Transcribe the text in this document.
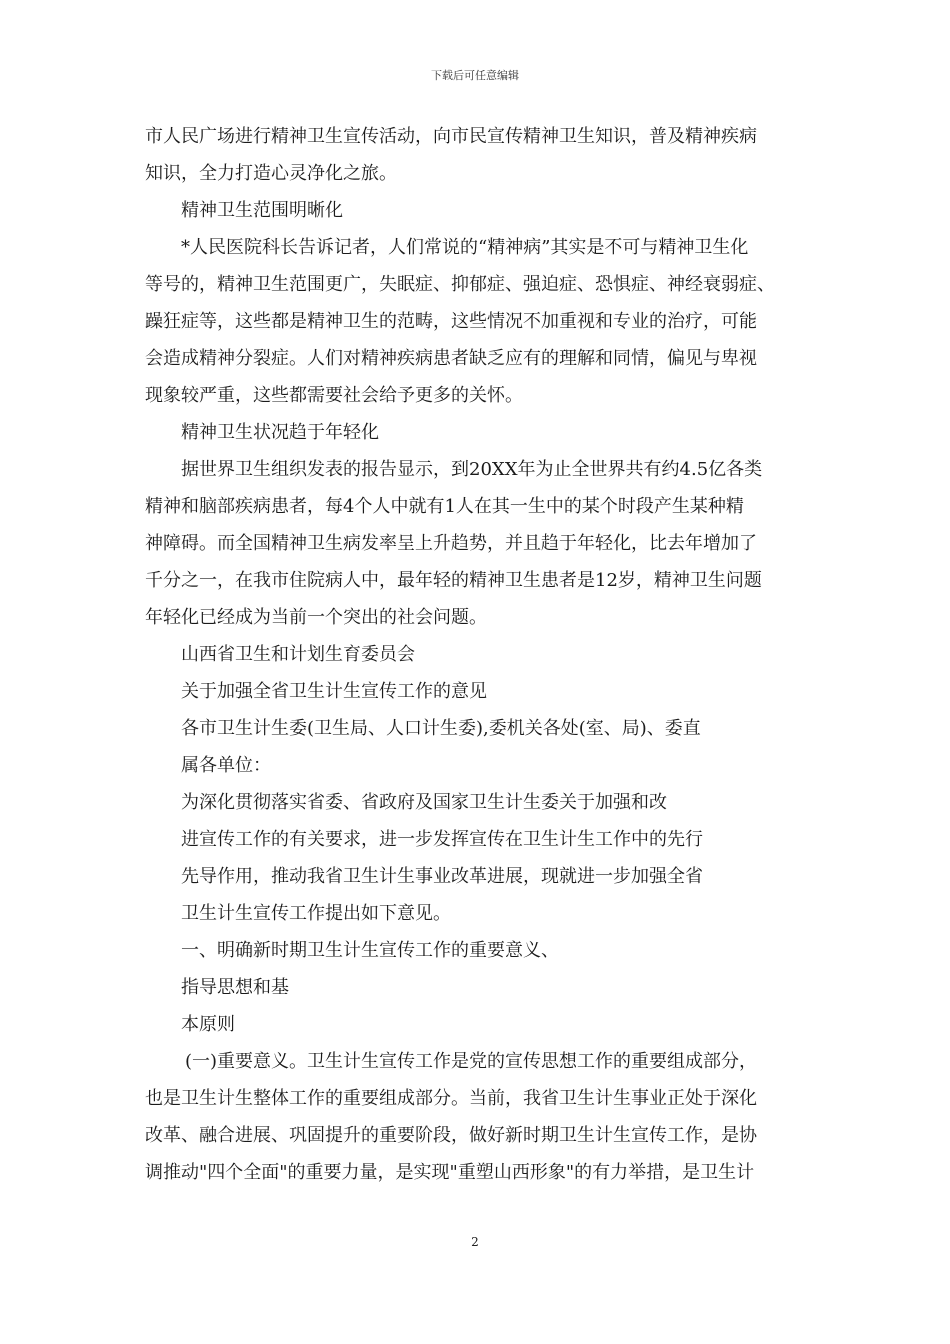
下载后可任意编辑
市人民广场进行精神卫生宣传活动，向市民宣传精神卫生知识，普及精神疾病
知识，全力打造心灵净化之旅。
精神卫生范围明晰化
*人民医院科长告诉记者，人们常说的“精神病”其实是不可与精神卫生化
等号的，精神卫生范围更广，失眠症、抑郁症、强迫症、恐惧症、神经衰弱症、
躁狂症等，这些都是精神卫生的范畴，这些情况不加重视和专业的治疗，可能
会造成精神分裂症。人们对精神疾病患者缺乏应有的理解和同情，偏见与卑视
现象较严重，这些都需要社会给予更多的关怀。
精神卫生状况趋于年轻化
据世界卫生组织发表的报告显示，到20XX年为止全世界共有约4.5亿各类
精神和脑部疾病患者，每4个人中就有1人在其一生中的某个时段产生某种精
神障碍。而全国精神卫生病发率呈上升趋势，并且趋于年轻化，比去年增加了
千分之一，在我市住院病人中，最年轻的精神卫生患者是12岁，精神卫生问题
年轻化已经成为当前一个突出的社会问题。
山西省卫生和计划生育委员会
关于加强全省卫生计生宣传工作的意见
各市卫生计生委(卫生局、人口计生委),委机关各处(室、局)、委直
属各单位：
为深化贯彻落实省委、省政府及国家卫生计生委关于加强和改
进宣传工作的有关要求，进一步发挥宣传在卫生计生工作中的先行
先导作用，推动我省卫生计生事业改革进展，现就进一步加强全省
卫生计生宣传工作提出如下意见。
一、明确新时期卫生计生宣传工作的重要意义、
指导思想和基
本原则
(一)重要意义。卫生计生宣传工作是党的宣传思想工作的重要组成部分，
也是卫生计生整体工作的重要组成部分。当前，我省卫生计生事业正处于深化
改革、融合进展、巩固提升的重要阶段，做好新时期卫生计生宣传工作，是协
调推动"四个全面"的重要力量，是实现"重塑山西形象"的有力举措，是卫生计
2
